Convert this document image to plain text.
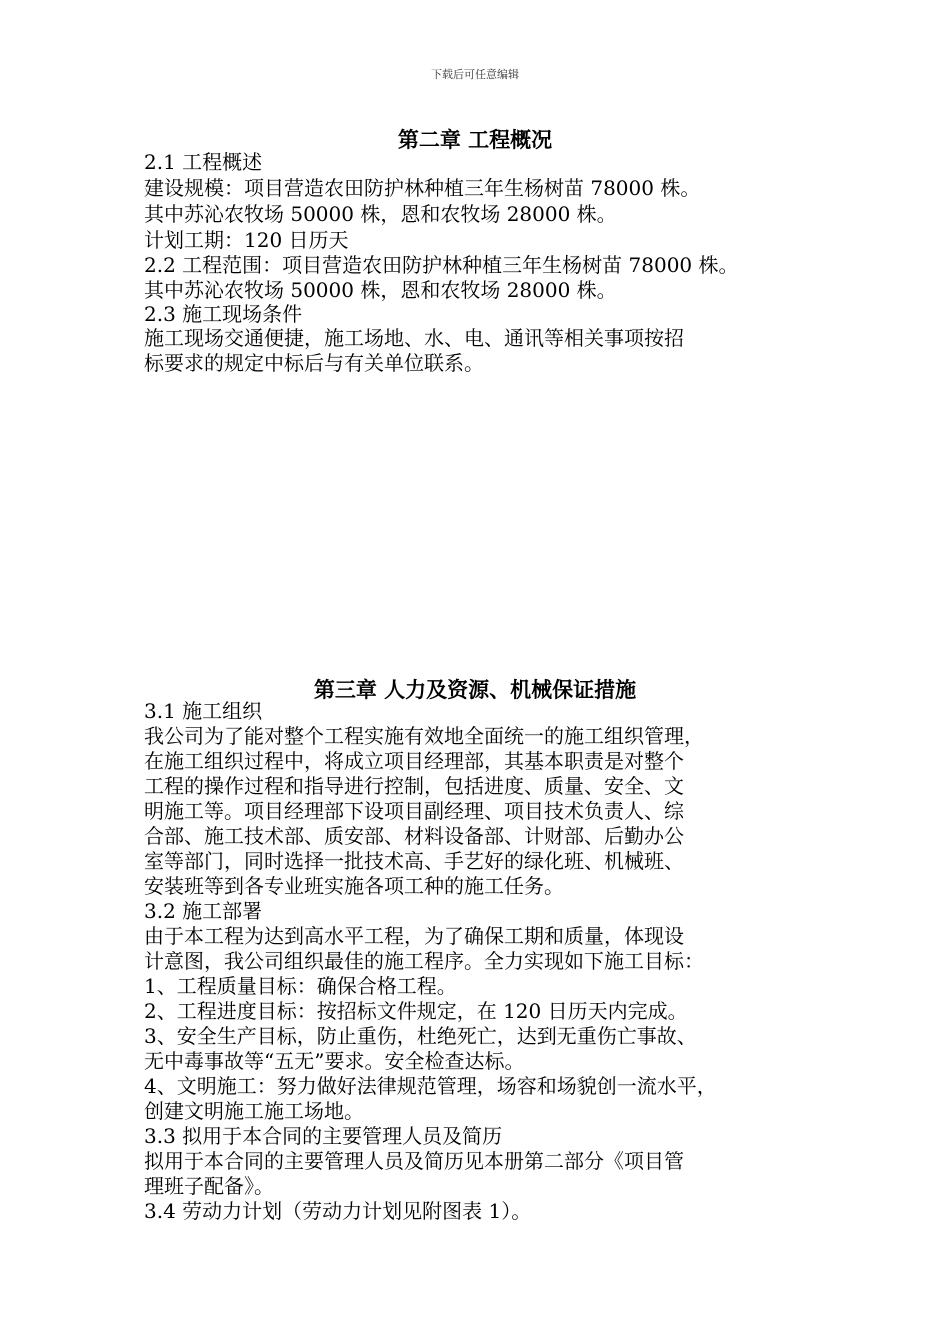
下载后可任意编辑
第二章 工程概况
2.1 工程概述
建设规模：项目营造农田防护林种植三年生杨树苗 78000 株。
其中苏沁农牧场 50000 株，恩和农牧场 28000 株。
计划工期：120 日历天
2.2 工程范围：项目营造农田防护林种植三年生杨树苗 78000 株。
其中苏沁农牧场 50000 株，恩和农牧场 28000 株。
2.3 施工现场条件
施工现场交通便捷，施工场地、水、电、通讯等相关事项按招
标要求的规定中标后与有关单位联系。
第三章 人力及资源、机械保证措施
3.1 施工组织
我公司为了能对整个工程实施有效地全面统一的施工组织管理，
在施工组织过程中，将成立项目经理部，其基本职责是对整个
工程的操作过程和指导进行控制，包括进度、质量、安全、文
明施工等。项目经理部下设项目副经理、项目技术负责人、综
合部、施工技术部、质安部、材料设备部、计财部、后勤办公
室等部门，同时选择一批技术高、手艺好的绿化班、机械班、
安装班等到各专业班实施各项工种的施工任务。
3.2 施工部署
由于本工程为达到高水平工程，为了确保工期和质量，体现设
计意图，我公司组织最佳的施工程序。全力实现如下施工目标：
1、工程质量目标：确保合格工程。
2、工程进度目标：按招标文件规定，在 120 日历天内完成。
3、安全生产目标，防止重伤，杜绝死亡，达到无重伤亡事故、
无中毒事故等“五无”要求。安全检查达标。
4、文明施工：努力做好法律规范管理，场容和场貌创一流水平，
创建文明施工施工场地。
3.3 拟用于本合同的主要管理人员及简历
拟用于本合同的主要管理人员及简历见本册第二部分《项目管
理班子配备》。
3.4 劳动力计划（劳动力计划见附图表 1）。
